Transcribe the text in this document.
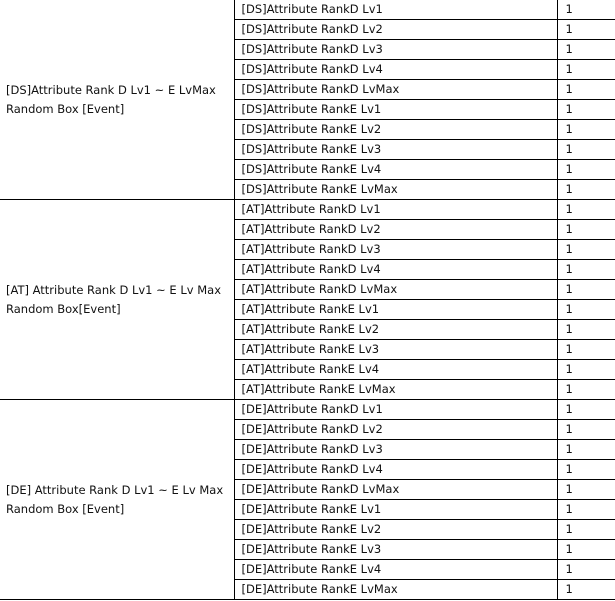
[DS]Attribute Rank D Lv1 ~ E LvMax
Random Box [Event]	[DS]Attribute RankD Lv1	1
	[DS]Attribute RankD Lv2	1
	[DS]Attribute RankD Lv3	1
	[DS]Attribute RankD Lv4	1
	[DS]Attribute RankD LvMax	1
	[DS]Attribute RankE Lv1	1
	[DS]Attribute RankE Lv2	1
	[DS]Attribute RankE Lv3	1
	[DS]Attribute RankE Lv4	1
	[DS]Attribute RankE LvMax	1

[AT] Attribute Rank D Lv1 ~ E Lv Max
Random Box[Event]	[AT]Attribute RankD Lv1	1
	[AT]Attribute RankD Lv2	1
	[AT]Attribute RankD Lv3	1
	[AT]Attribute RankD Lv4	1
	[AT]Attribute RankD LvMax	1
	[AT]Attribute RankE Lv1	1
	[AT]Attribute RankE Lv2	1
	[AT]Attribute RankE Lv3	1
	[AT]Attribute RankE Lv4	1
	[AT]Attribute RankE LvMax	1

[DE] Attribute Rank D Lv1 ~ E Lv Max
Random Box [Event]	[DE]Attribute RankD Lv1	1
	[DE]Attribute RankD Lv2	1
	[DE]Attribute RankD Lv3	1
	[DE]Attribute RankD Lv4	1
	[DE]Attribute RankD LvMax	1
	[DE]Attribute RankE Lv1	1
	[DE]Attribute RankE Lv2	1
	[DE]Attribute RankE Lv3	1
	[DE]Attribute RankE Lv4	1
	[DE]Attribute RankE LvMax	1
